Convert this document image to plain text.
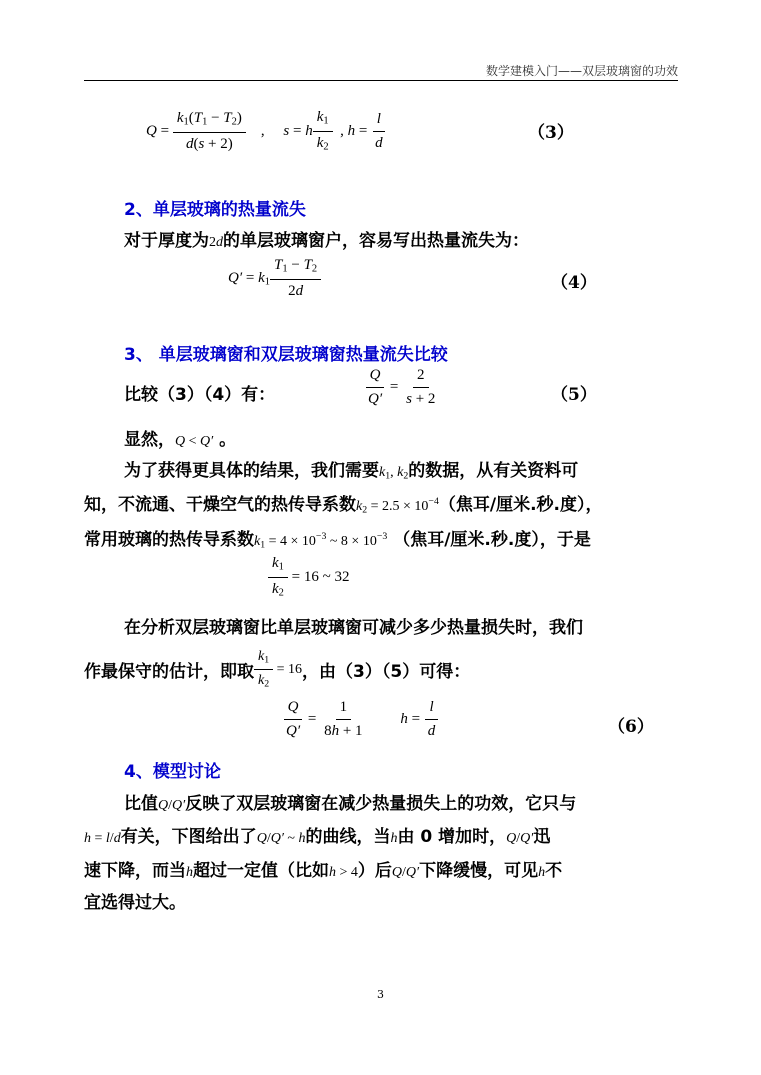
数学建模入门——双层玻璃窗的功效
$Q = \frac{k_1(T_1 - T_2)}{d(s + 2)}$ , s = h $\frac{k_1}{k_2}$ , $h = \frac{l}{d}$	（3）
2、单层玻璃的热量流失
对于厚度为2d的单层玻璃窗户，容易写出热量流失为：
$Q' = k_1 \frac{T_1 - T_2}{2d}$	（4）
3、 单层玻璃窗和双层玻璃窗热量流失比较
比较（3）（4）有：	$\frac{Q}{Q'} = \frac{2}{s + 2}$	（5）
显然，Q < Q′ 。
为了获得更具体的结果，我们需要$k_1$, $k_2$的数据，从有关资料可
知，不流通、干燥空气的热传导系数$k_2 = 2.5 \times 10^{-4}$（焦耳/厘米.秒.度），
常用玻璃的热传导系数$k_1 = 4 \times 10^{-3}$ ~ $8 \times 10^{-3}$ （焦耳/厘米.秒.度），于是
$\frac{k_1}{k_2} = 16$ ~ 32
在分析双层玻璃窗比单层玻璃窗可减少多少热量损失时，我们
作最保守的估计，即取 $\frac{k_1}{k_2} = 16$ ，由（3）（5）可得：
$\frac{Q}{Q'} = \frac{1}{8h + 1}$
$h = \frac{l}{d}$	（6）
4、模型讨论
比值Q/Q′反映了双层玻璃窗在减少热量损失上的功效，它只与
h = l/d有关，下图给出了Q/Q′ ~ h的曲线，当h由 0 增加时，Q/Q′迅
速下降，而当h超过一定值（比如h > 4）后Q/Q′下降缓慢，可见h不
宜选得过大。
3
